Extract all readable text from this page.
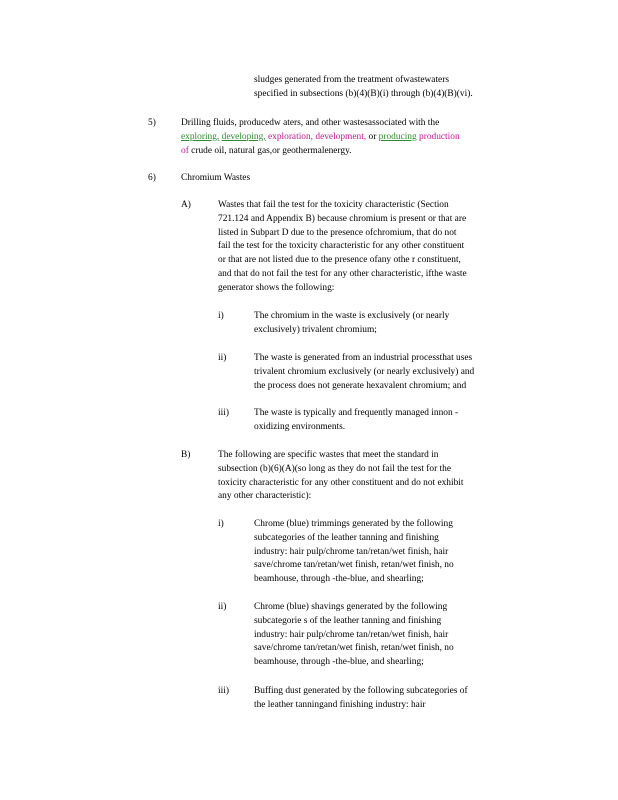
sludges generated from the treatment ofwastewaters

specified in subsections (b)(4)(B)(i) through (b)(4)(B)(vi).

5)	Drilling fluids, producedw aters, and other wastesassociated with the

exploring, developing, exploration, development, or producing production

of crude oil, natural gas,or geothermalenergy.

6)	Chromium Wastes
A)	Wastes that fail the test for the toxicity characteristic (Section

721.124 and Appendix B) because chromium is present or that are

listed in Subpart D due to the presence ofchromium, that do not

fail the test for the toxicity characteristic for any other constituent

or that are not listed due to the presence ofany othe r constituent,

and that do not fail the test for any other characteristic, ifthe waste

generator shows the following:

i)	The chromium in the waste is exclusively (or nearly

exclusively) trivalent chromium;

ii)	The waste is generated from an industrial processthat uses

trivalent chromium exclusively (or nearly exclusively) and

the process does not generate hexavalent chromium; and

iii)	The waste is typically and frequently managed innon -

oxidizing environments.

B)	The following are specific wastes that meet the standard in

subsection (b)(6)(A)(so long as they do not fail the test for the

toxicity characteristic for any other constituent and do not exhibit

any other characteristic):

i)	Chrome (blue) trimmings generated by the following

subcategories of the leather tanning and finishing

industry: hair pulp/chrome tan/retan/wet finish, hair

save/chrome tan/retan/wet finish, retan/wet finish, no

beamhouse, through -the-blue, and shearling;

ii)	Chrome (blue) shavings generated by the following

subcategorie s of the leather tanning and finishing

industry: hair pulp/chrome tan/retan/wet finish, hair

save/chrome tan/retan/wet finish, retan/wet finish, no

beamhouse, through -the-blue, and shearling;

iii)	Buffing dust generated by the following subcategories of

the leather tanningand finishing industry: hair
